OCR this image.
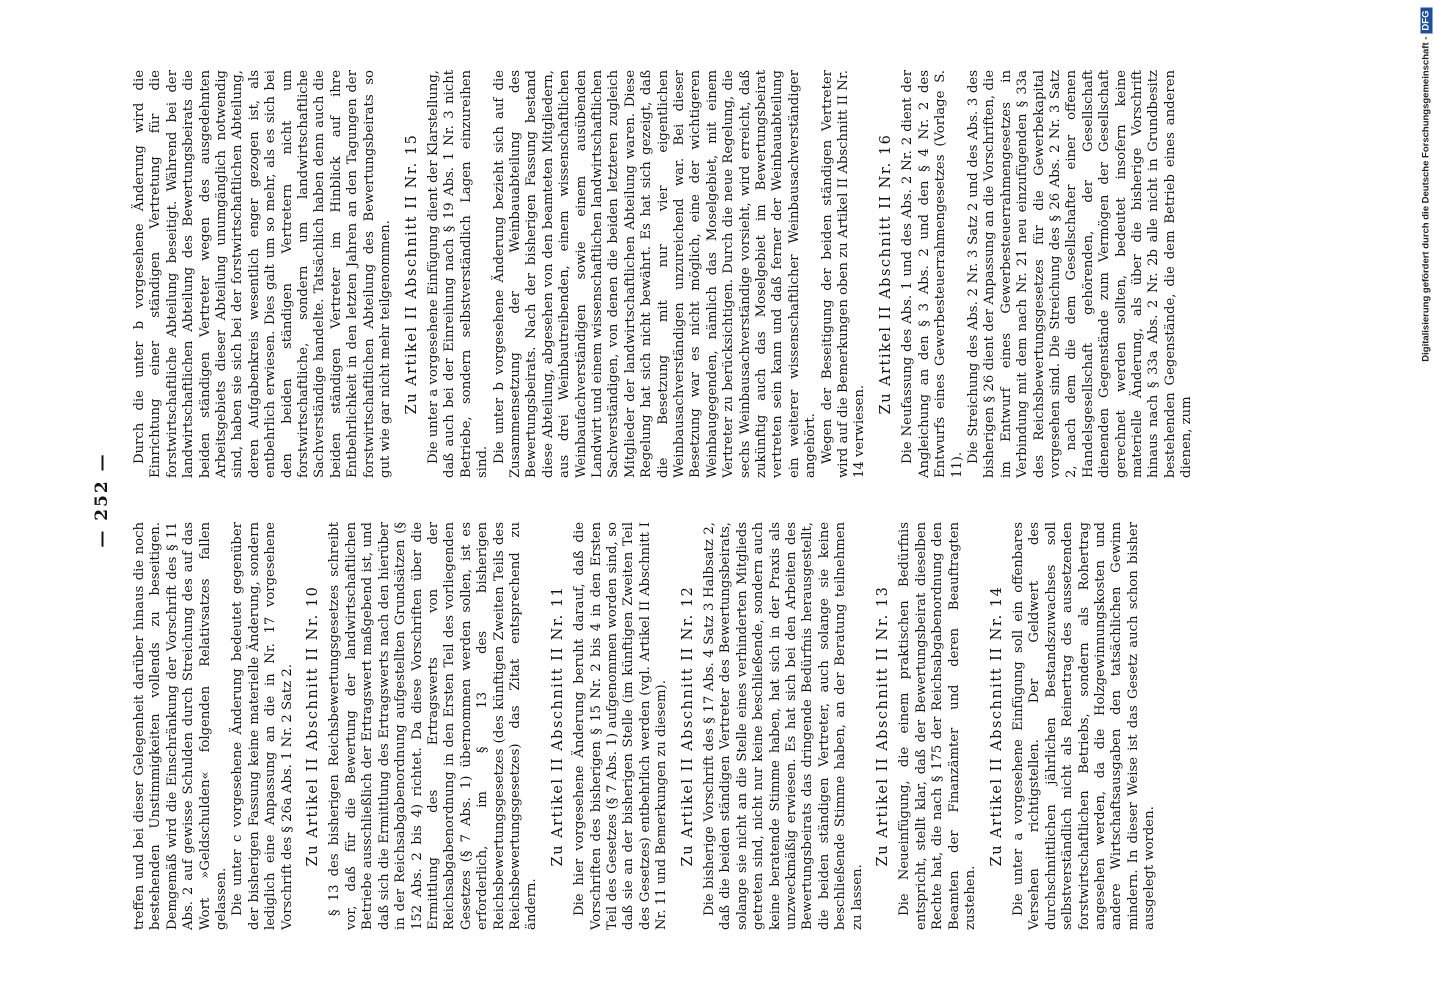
— 252 —

treffen und bei dieser Gelegenheit darüber hinaus die noch bestehenden Unstimmigkeiten vollends zu beseitigen. Demgemäß wird die Einschränkung der Vorschrift des § 11 Abs. 2 auf gewisse Schulden durch Streichung des auf das Wort »Geldschulden« folgenden Relativsatzes fallen gelassen. Die unter c vorgesehene Änderung bedeutet gegenüber der bisherigen Fassung keine materielle Änderung, sondern lediglich eine Anpassung an die in Nr. 17 vorgesehene Vorschrift des § 26a Abs. 1 Nr. 2 Satz 2. Zu Artikel II Abschnitt II Nr. 10 § 13 des bisherigen Reichsbewertungsgesetzes schreibt vor, daß für die Bewertung der landwirtschaftlichen Betriebe ausschließlich der Ertragswert maßgebend ist, und daß sich die Ermittlung des Ertragswerts nach den hierüber in der Reichsabgabenordnung aufgestellten Grundsätzen (§ 152 Abs. 2 bis 4) richtet. Da diese Vorschriften über die Ermittlung des Ertragswerts von der Reichsabgabenordnung in den Ersten Teil des vorliegenden Gesetzes (§ 7 Abs. 1) übernommen werden sollen, ist es erforderlich, im § 13 des bisherigen Reichsbewertungsgesetzes (des künftigen Zweiten Teils des Reichsbewertungsgesetzes) das Zitat entsprechend zu ändern.

Zu Artikel II Abschnitt II Nr. 11 Die hier vorgesehene Änderung beruht darauf, daß die Vorschriften des bisherigen § 15 Nr. 2 bis 4 in den Ersten Teil des Gesetzes (§ 7 Abs. 1) aufgenommen worden sind, so daß sie an der bisherigen Stelle (im künftigen Zweiten Teil des Gesetzes) entbehrlich werden (vgl. Artikel II Abschnitt I Nr. 11 und Bemerkungen zu diesem). Zu Artikel II Abschnitt II Nr. 12 Die bisherige Vorschrift des § 17 Abs. 4 Satz 3 Halbsatz 2, daß die beiden ständigen Vertreter des Bewertungsbeirats, solange sie nicht an die Stelle eines verhinderten Mitglieds getreten sind, nicht nur keine beschließende, sondern auch keine beratende Stimme haben, hat sich in der Praxis als unzweckmäßig erwiesen. Es hat sich bei den Arbeiten des Bewertungsbeirats das dringende Bedürfnis herausgestellt, die beiden ständigen Vertreter, auch solange sie keine beschließende Stimme haben, an der Beratung teilnehmen zu lassen.

Zu Artikel II Abschnitt II Nr. 13 Die Neueinfügung, die einem praktischen Bedürfnis entspricht, stellt klar, daß der Bewertungsbeirat dieselben Rechte hat, die nach § 175 der Reichsabgabenordnung den Beamten der Finanzämter und deren Beauftragten zustehen.

Zu Artikel II Abschnitt II Nr. 14 Die unter a vorgesehene Einfügung soll ein offenbares Versehen richtigstellen. Der Geldwert des durchschnittlichen jährlichen Bestandszuwachses soll selbstverständlich nicht als Reinertrag des aussetzenden forstwirtschaftlichen Betriebs, sondern als Rohertrag angesehen werden, da die Holzgewinnungskosten und andere Wirtschaftsausgaben den tatsächlichen Gewinn mindern. In dieser Weise ist das Gesetz auch schon bisher ausgelegt worden.

Durch die unter b vorgesehene Änderung wird die Einrichtung einer ständigen Vertretung für die forstwirtschaftliche Abteilung beseitigt. Während bei der landwirtschaftlichen Abteilung des Bewertungsbeirats die beiden ständigen Vertreter wegen des ausgedehnten Arbeitsgebiets dieser Abteilung unumgänglich notwendig sind, haben sie sich bei der forstwirtschaftlichen Abteilung, deren Aufgabenkreis wesentlich enger gezogen ist, als entbehrlich erwiesen. Dies galt um so mehr, als es sich bei den beiden ständigen Vertretern nicht um forstwirtschaftliche, sondern um landwirtschaftliche Sachverständige handelte. Tatsächlich haben denn auch die beiden ständigen Vertreter im Hinblick auf ihre Entbehrlichkeit in den letzten Jahren an den Tagungen der forstwirtschaftlichen Abteilung des Bewertungsbeirats so gut wie gar nicht mehr teilgenommen. Zu Artikel II Abschnitt II Nr. 15 Die unter a vorgesehene Einfügung dient der Klarstellung, daß auch bei der Einreihung nach § 19 Abs. 1 Nr. 3 nicht Betriebe, sondern selbstverständlich Lagen einzureihen sind. Die unter b vorgesehene Änderung bezieht sich auf die Zusammensetzung der Weinbauabteilung des Bewertungsbeirats. Nach der bisherigen Fassung bestand diese Abteilung, abgesehen von den beamteten Mitgliedern, aus drei Weinbautreibenden, einem wissenschaftlichen Weinbaufachverständigen sowie einem ausübenden Landwirt und einem wissenschaftlichen landwirtschaftlichen Sachverständigen, von denen die beiden letzteren zugleich Mitglieder der landwirtschaftlichen Abteilung waren. Diese Regelung hat sich nicht bewährt. Es hat sich gezeigt, daß die Besetzung mit nur vier eigentlichen Weinbausachverständigen unzureichend war. Bei dieser Besetzung war es nicht möglich, eine der wichtigeren Weinbaugegenden, nämlich das Moselgebiet, mit einem Vertreter zu berücksichtigen. Durch die neue Regelung, die sechs Weinbausachverständige vorsieht, wird erreicht, daß zukünftig auch das Moselgebiet im Bewertungsbeirat vertreten sein kann und daß ferner der Weinbauabteilung ein weiterer wissenschaftlicher Weinbausachverständiger angehört. Wegen der Beseitigung der beiden ständigen Vertreter wird auf die Bemerkungen oben zu Artikel II Abschnitt II Nr. 14 verwiesen.

Zu Artikel II Abschnitt II Nr. 16 Die Neufassung des Abs. 1 und des Abs. 2 Nr. 2 dient der Angleichung an den § 3 Abs. 2 und den § 4 Nr. 2 des Entwurfs eines Gewerbesteuerrahmengesetzes (Vorlage S. 11).

Die Streichung des Abs. 2 Nr. 3 Satz 2 und des Abs. 3 des bisherigen § 26 dient der Anpassung an die Vorschriften, die im Entwurf eines Gewerbesteuerrahmengesetzes in Verbindung mit dem nach Nr. 21 neu einzufügenden § 33a des Reichsbewertungsgesetzes für die Gewerbekapital vorgesehen sind. Die Streichung des § 26 Abs. 2 Nr. 3 Satz 2, nach dem die dem Gesellschafter einer offenen Handelsgesellschaft gehörenden, der Gesellschaft dienenden Gegenstände zum Vermögen der Gesellschaft gerechnet werden sollten, bedeutet insofern keine materielle Änderung, als über die bisherige Vorschrift hinaus nach § 33a Abs. 2 Nr. 2b alle nicht in Grundbesitz bestehenden Gegenstände, die dem Betrieb eines anderen dienen, zum

Digitalisierung gefördert durch die Deutsche Forschungsgemeinschaft -DFG
